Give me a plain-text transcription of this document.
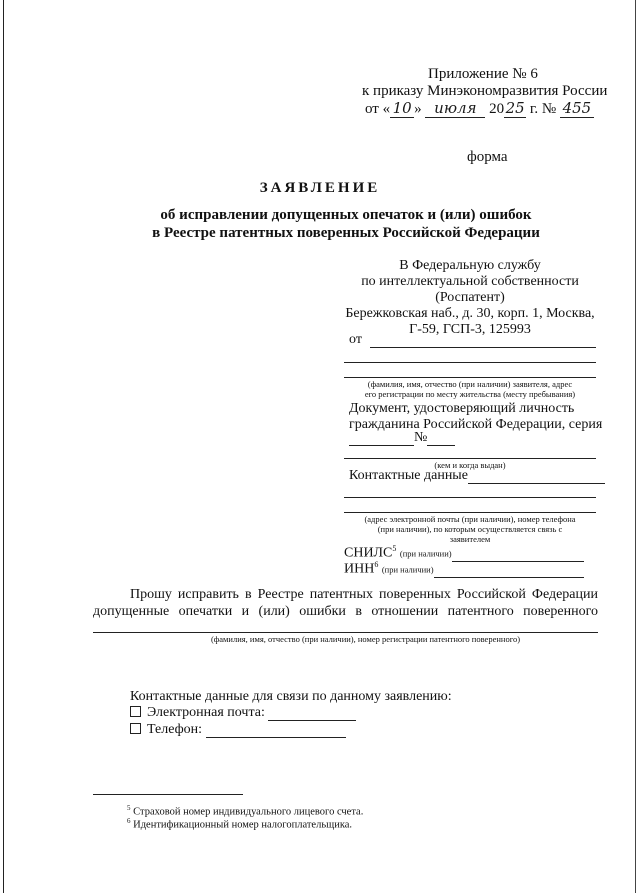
Приложение № 6
к приказу Минэкономразвития России
от « 10 » июля 2025 г. № 455
форма
ЗАЯВЛЕНИЕ
об исправлении допущенных опечаток и (или) ошибок
в Реестре патентных поверенных Российской Федерации
В Федеральную службу
по интеллектуальной собственности
(Роспатент)
Бережковская наб., д. 30, корп. 1, Москва,
Г-59, ГСП-3, 125993
от
(фамилия, имя, отчество (при наличии) заявителя, адрес
его регистрации по месту жительства (месту пребывания)
Документ, удостоверяющий личность
гражданина Российской Федерации, серия
№
(кем и когда выдан)
Контактные данные
(адрес электронной почты (при наличии), номер телефона
(при наличии), по которым осуществляется связь с
заявителем
СНИЛС$^5$ (при наличии)
ИНН$^6$ (при наличии)
Прошу исправить в Реестре патентных поверенных Российской Федерации
допущенные опечатки и (или) ошибки в отношении патентного поверенного
(фамилия, имя, отчество (при наличии), номер регистрации патентного поверенного)
Контактные данные для связи по данному заявлению:
Электронная почта:
Телефон:
$^5$ Страховой номер индивидуального лицевого счета.
$^6$ Идентификационный номер налогоплательщика.
